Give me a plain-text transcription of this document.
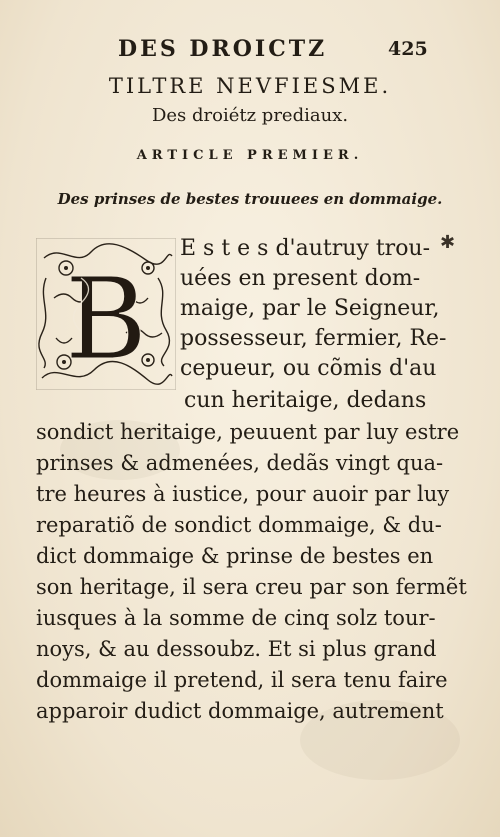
DES DROICTZ	425
TILTRE NEVFIESME.
Des droiétz prediaux.
ARTICLE PREMIER.
Des prinses de bestes trouuees en dommaige.
✱
B
E s t e s d'autruy trou-
uées en present dom-
maige, par le Seigneur,
possesseur, fermier, Re-
cepueur, ou cõmis d'au
cun heritaige, dedans
sondict heritaige, peuuent par luy estre
prinses & admenées, dedãs vingt qua-
tre heures à iustice, pour auoir par luy
reparatiõ de sondict dommaige, & du-
dict dommaige & prinse de bestes en
son heritage, il sera creu par son fermẽt
iusques à la somme de cinq solz tour-
noys, & au dessoubz. Et si plus grand
dommaige il pretend, il sera tenu faire
apparoir dudict dommaige, autrement
